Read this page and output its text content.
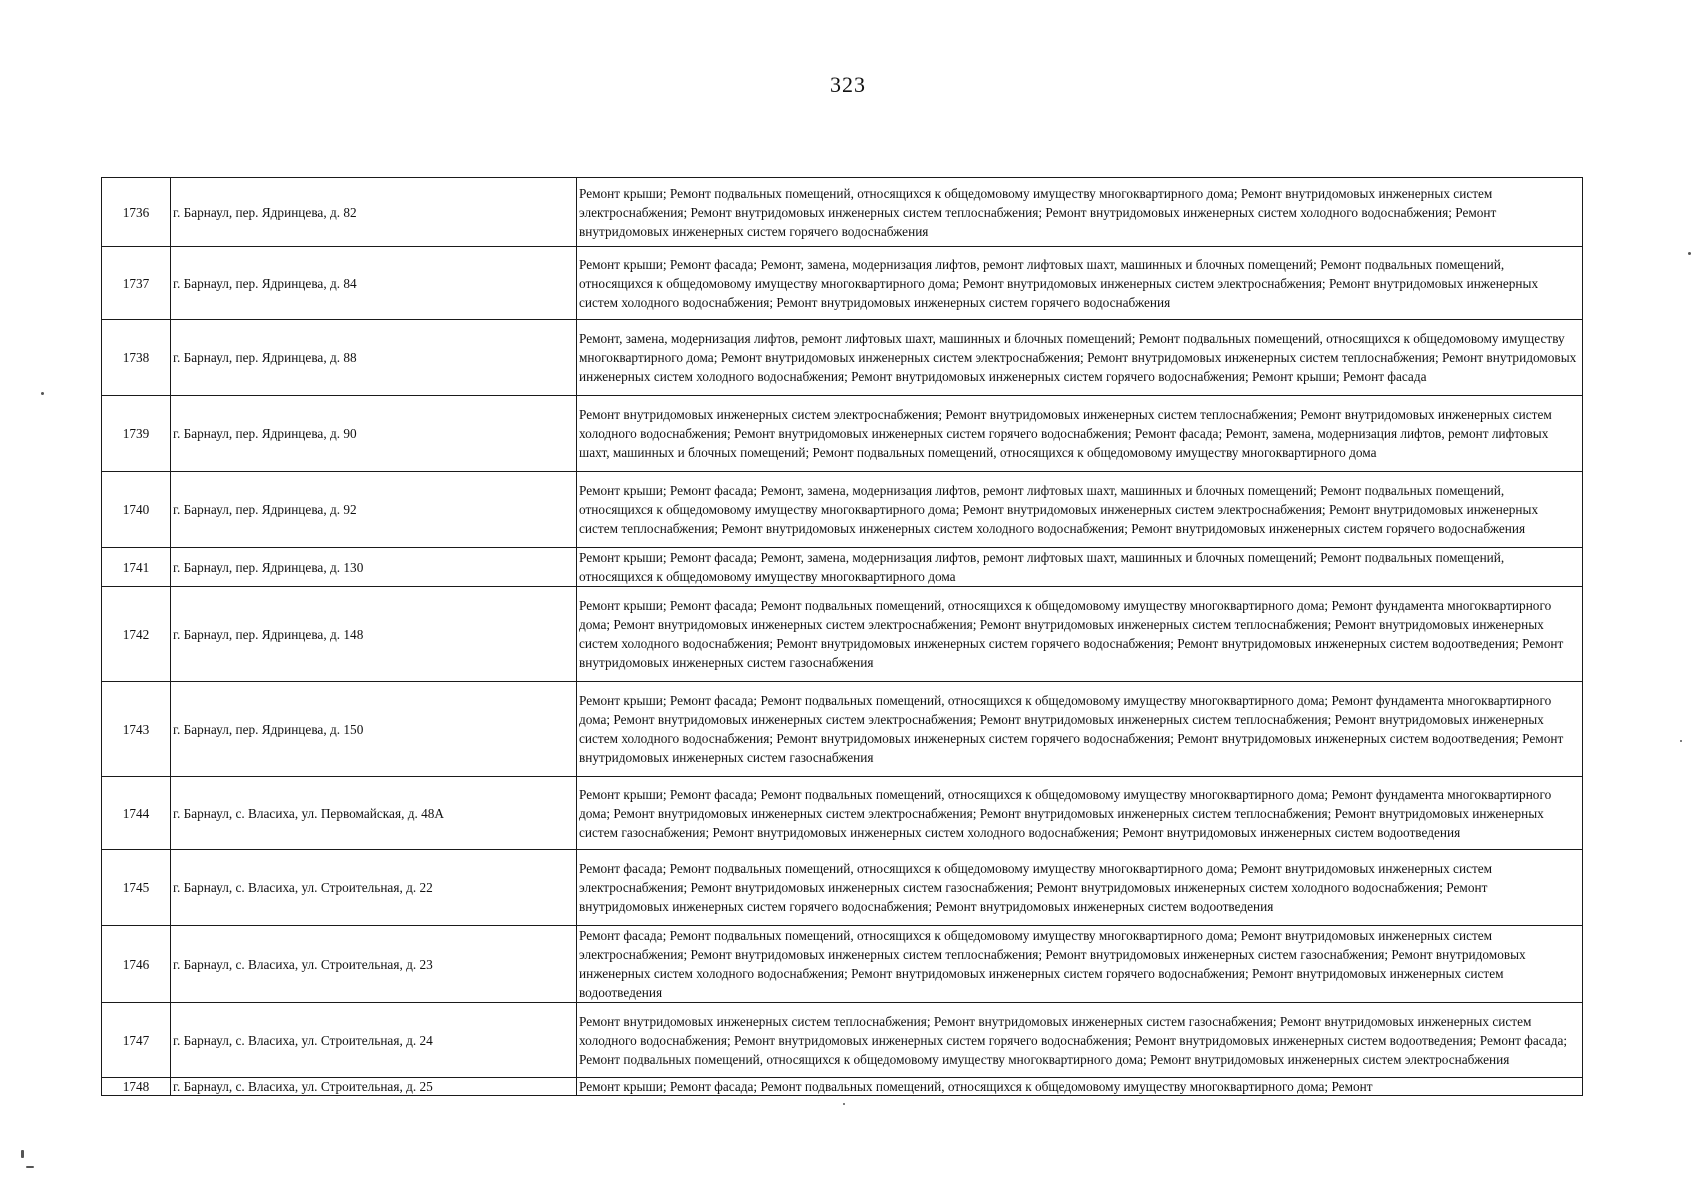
323
1736	г. Барнаул, пер. Ядринцева, д. 82	Ремонт крыши; Ремонт подвальных помещений, относящихся к общедомовому имуществу многоквартирного дома; Ремонт внутридомовых инженерных систем электроснабжения; Ремонт внутридомовых инженерных систем теплоснабжения; Ремонт внутридомовых инженерных систем холодного водоснабжения; Ремонт внутридомовых инженерных систем горячего водоснабжения
1737	г. Барнаул, пер. Ядринцева, д. 84	Ремонт крыши; Ремонт фасада; Ремонт, замена, модернизация лифтов, ремонт лифтовых шахт, машинных и блочных помещений; Ремонт подвальных помещений, относящихся к общедомовому имуществу многоквартирного дома; Ремонт внутридомовых инженерных систем электроснабжения; Ремонт внутридомовых инженерных систем холодного водоснабжения; Ремонт внутридомовых инженерных систем горячего водоснабжения
1738	г. Барнаул, пер. Ядринцева, д. 88	Ремонт, замена, модернизация лифтов, ремонт лифтовых шахт, машинных и блочных помещений; Ремонт подвальных помещений, относящихся к общедомовому имуществу многоквартирного дома; Ремонт внутридомовых инженерных систем электроснабжения; Ремонт внутридомовых инженерных систем теплоснабжения; Ремонт внутридомовых инженерных систем холодного водоснабжения; Ремонт внутридомовых инженерных систем горячего водоснабжения; Ремонт крыши; Ремонт фасада
1739	г. Барнаул, пер. Ядринцева, д. 90	Ремонт внутридомовых инженерных систем электроснабжения; Ремонт внутридомовых инженерных систем теплоснабжения; Ремонт внутридомовых инженерных систем холодного водоснабжения; Ремонт внутридомовых инженерных систем горячего водоснабжения; Ремонт фасада; Ремонт, замена, модернизация лифтов, ремонт лифтовых шахт, машинных и блочных помещений; Ремонт подвальных помещений, относящихся к общедомовому имуществу многоквартирного дома
1740	г. Барнаул, пер. Ядринцева, д. 92	Ремонт крыши; Ремонт фасада; Ремонт, замена, модернизация лифтов, ремонт лифтовых шахт, машинных и блочных помещений; Ремонт подвальных помещений, относящихся к общедомовому имуществу многоквартирного дома; Ремонт внутридомовых инженерных систем электроснабжения; Ремонт внутридомовых инженерных систем теплоснабжения; Ремонт внутридомовых инженерных систем холодного водоснабжения; Ремонт внутридомовых инженерных систем горячего водоснабжения
1741	г. Барнаул, пер. Ядринцева, д. 130	Ремонт крыши; Ремонт фасада; Ремонт, замена, модернизация лифтов, ремонт лифтовых шахт, машинных и блочных помещений; Ремонт подвальных помещений, относящихся к общедомовому имуществу многоквартирного дома
1742	г. Барнаул, пер. Ядринцева, д. 148	Ремонт крыши; Ремонт фасада; Ремонт подвальных помещений, относящихся к общедомовому имуществу многоквартирного дома; Ремонт фундамента многоквартирного дома; Ремонт внутридомовых инженерных систем электроснабжения; Ремонт внутридомовых инженерных систем теплоснабжения; Ремонт внутридомовых инженерных систем холодного водоснабжения; Ремонт внутридомовых инженерных систем горячего водоснабжения; Ремонт внутридомовых инженерных систем водоотведения; Ремонт внутридомовых инженерных систем газоснабжения
1743	г. Барнаул, пер. Ядринцева, д. 150	Ремонт крыши; Ремонт фасада; Ремонт подвальных помещений, относящихся к общедомовому имуществу многоквартирного дома; Ремонт фундамента многоквартирного дома; Ремонт внутридомовых инженерных систем электроснабжения; Ремонт внутридомовых инженерных систем теплоснабжения; Ремонт внутридомовых инженерных систем холодного водоснабжения; Ремонт внутридомовых инженерных систем горячего водоснабжения; Ремонт внутридомовых инженерных систем водоотведения; Ремонт внутридомовых инженерных систем газоснабжения
1744	г. Барнаул, с. Власиха, ул. Первомайская, д. 48А	Ремонт крыши; Ремонт фасада; Ремонт подвальных помещений, относящихся к общедомовому имуществу многоквартирного дома; Ремонт фундамента многоквартирного дома; Ремонт внутридомовых инженерных систем электроснабжения; Ремонт внутридомовых инженерных систем теплоснабжения; Ремонт внутридомовых инженерных систем газоснабжения; Ремонт внутридомовых инженерных систем холодного водоснабжения; Ремонт внутридомовых инженерных систем водоотведения
1745	г. Барнаул, с. Власиха, ул. Строительная, д. 22	Ремонт фасада; Ремонт подвальных помещений, относящихся к общедомовому имуществу многоквартирного дома; Ремонт внутридомовых инженерных систем электроснабжения; Ремонт внутридомовых инженерных систем газоснабжения; Ремонт внутридомовых инженерных систем холодного водоснабжения; Ремонт внутридомовых инженерных систем горячего водоснабжения; Ремонт внутридомовых инженерных систем водоотведения
1746	г. Барнаул, с. Власиха, ул. Строительная, д. 23	Ремонт фасада; Ремонт подвальных помещений, относящихся к общедомовому имуществу многоквартирного дома; Ремонт внутридомовых инженерных систем электроснабжения; Ремонт внутридомовых инженерных систем теплоснабжения; Ремонт внутридомовых инженерных систем газоснабжения; Ремонт внутридомовых инженерных систем холодного водоснабжения; Ремонт внутридомовых инженерных систем горячего водоснабжения; Ремонт внутридомовых инженерных систем водоотведения
1747	г. Барнаул, с. Власиха, ул. Строительная, д. 24	Ремонт внутридомовых инженерных систем теплоснабжения; Ремонт внутридомовых инженерных систем газоснабжения; Ремонт внутридомовых инженерных систем холодного водоснабжения; Ремонт внутридомовых инженерных систем горячего водоснабжения; Ремонт внутридомовых инженерных систем водоотведения; Ремонт фасада; Ремонт подвальных помещений, относящихся к общедомовому имуществу многоквартирного дома; Ремонт внутридомовых инженерных систем электроснабжения
1748	г. Барнаул, с. Власиха, ул. Строительная, д. 25	Ремонт крыши; Ремонт фасада; Ремонт подвальных помещений, относящихся к общедомовому имуществу многоквартирного дома; Ремонт
